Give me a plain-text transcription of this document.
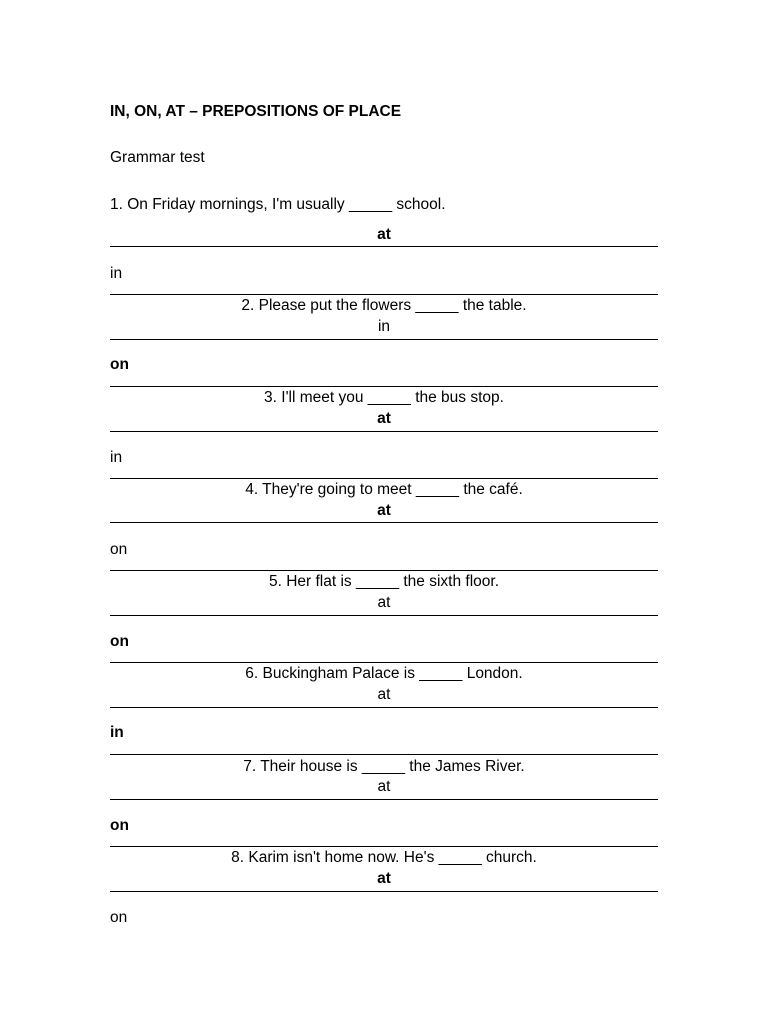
IN, ON, AT – PREPOSITIONS OF PLACE
Grammar test
1. On Friday mornings, I'm usually _____ school.
at
in
2. Please put the flowers _____ the table.
in
on
3. I'll meet you _____ the bus stop.
at
in
4. They're going to meet _____ the café.
at
on
5. Her flat is _____ the sixth floor.
at
on
6. Buckingham Palace is _____ London.
at
in
7. Their house is _____ the James River.
at
on
8. Karim isn't home now. He's _____ church.
at
on
